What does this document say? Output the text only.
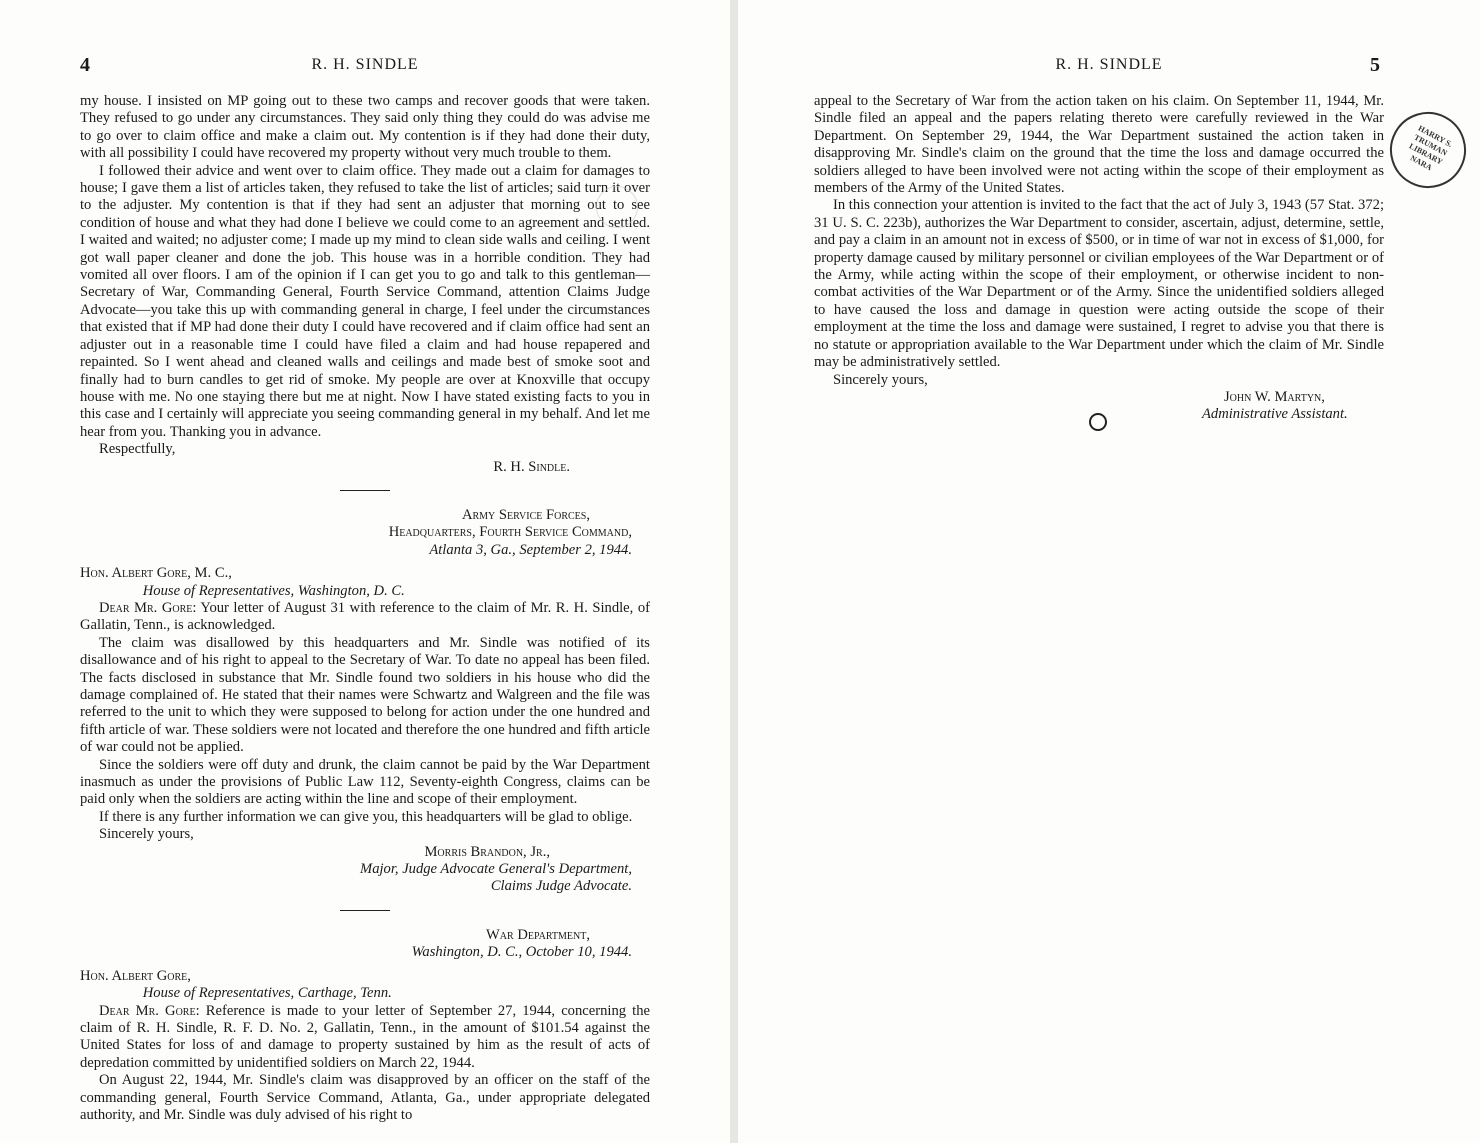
4	R. H. SINDLE

my house. I insisted on MP going out to these two camps and recover goods that were taken. They refused to go under any circumstances. They said only thing they could do was advise me to go over to claim office and make a claim out. My contention is if they had done their duty, with all possibility I could have recovered my property without very much trouble to them.

I followed their advice and went over to claim office. They made out a claim for damages to house; I gave them a list of articles taken, they refused to take the list of articles; said turn it over to the adjuster. My contention is that if they had sent an adjuster that morning out to see condition of house and what they had done I believe we could come to an agreement and settled. I waited and waited; no adjuster come; I made up my mind to clean side walls and ceiling. I went got wall paper cleaner and done the job. This house was in a horrible condition. They had vomited all over floors. I am of the opinion if I can get you to go and talk to this gentleman—Secretary of War, Commanding General, Fourth Service Command, attention Claims Judge Advocate—you take this up with commanding general in charge, I feel under the circumstances that existed that if MP had done their duty I could have recovered and if claim office had sent an adjuster out in a reasonable time I could have filed a claim and had house repapered and repainted. So I went ahead and cleaned walls and ceilings and made best of smoke soot and finally had to burn candles to get rid of smoke. My people are over at Knoxville that occupy house with me. No one staying there but me at night. Now I have stated existing facts to you in this case and I certainly will appreciate you seeing commanding general in my behalf. And let me hear from you. Thanking you in advance.

Respectfully,

R. H. Sindle.
Army Service Forces,
Headquarters, Fourth Service Command,
Atlanta 3, Ga., September 2, 1944.
Hon. Albert Gore, M. C.,
House of Representatives, Washington, D. C.

Dear Mr. Gore: Your letter of August 31 with reference to the claim of Mr. R. H. Sindle, of Gallatin, Tenn., is acknowledged.

The claim was disallowed by this headquarters and Mr. Sindle was notified of its disallowance and of his right to appeal to the Secretary of War. To date no appeal has been filed. The facts disclosed in substance that Mr. Sindle found two soldiers in his house who did the damage complained of. He stated that their names were Schwartz and Walgreen and the file was referred to the unit to which they were supposed to belong for action under the one hundred and fifth article of war. These soldiers were not located and therefore the one hundred and fifth article of war could not be applied.

Since the soldiers were off duty and drunk, the claim cannot be paid by the War Department inasmuch as under the provisions of Public Law 112, Seventy-eighth Congress, claims can be paid only when the soldiers are acting within the line and scope of their employment.

If there is any further information we can give you, this headquarters will be glad to oblige.

Sincerely yours,

Morris Brandon, Jr.,
Major, Judge Advocate General's Department,
Claims Judge Advocate.
War Department,
Washington, D. C., October 10, 1944.
Hon. Albert Gore,
House of Representatives, Carthage, Tenn.

Dear Mr. Gore: Reference is made to your letter of September 27, 1944, concerning the claim of R. H. Sindle, R. F. D. No. 2, Gallatin, Tenn., in the amount of $101.54 against the United States for loss of and damage to property sustained by him as the result of acts of depredation committed by unidentified soldiers on March 22, 1944.

On August 22, 1944, Mr. Sindle's claim was disapproved by an officer on the staff of the commanding general, Fourth Service Command, Atlanta, Ga., under appropriate delegated authority, and Mr. Sindle was duly advised of his right to

R. H. SINDLE	5

appeal to the Secretary of War from the action taken on his claim. On September 11, 1944, Mr. Sindle filed an appeal and the papers relating thereto were carefully reviewed in the War Department. On September 29, 1944, the War Department sustained the action taken in disapproving Mr. Sindle's claim on the ground that the time the loss and damage occurred the soldiers alleged to have been involved were not acting within the scope of their employment as members of the Army of the United States.

In this connection your attention is invited to the fact that the act of July 3, 1943 (57 Stat. 372; 31 U. S. C. 223b), authorizes the War Department to consider, ascertain, adjust, determine, settle, and pay a claim in an amount not in excess of $500, or in time of war not in excess of $1,000, for property damage caused by military personnel or civilian employees of the War Department or of the Army, while acting within the scope of their employment, or otherwise incident to non-combat activities of the War Department or of the Army. Since the unidentified soldiers alleged to have caused the loss and damage in question were acting outside the scope of their employment at the time the loss and damage were sustained, I regret to advise you that there is no statute or appropriation available to the War Department under which the claim of Mr. Sindle may be administratively settled.

Sincerely yours,

John W. Martyn,
Administrative Assistant.
HARRY S. TRUMAN LIBRARY NARA
